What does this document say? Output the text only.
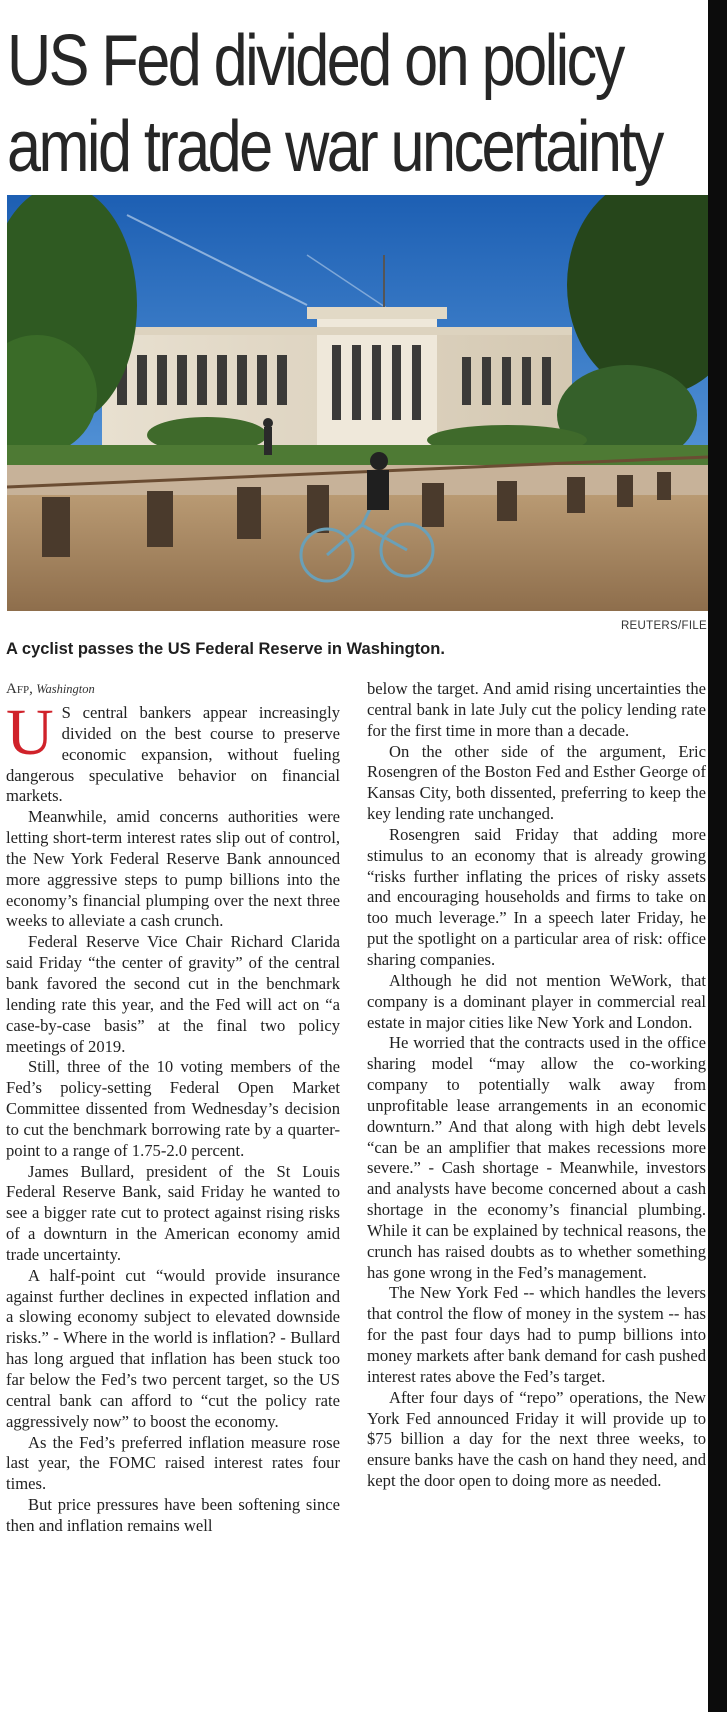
US Fed divided on policy amid trade war uncertainty
REUTERS/FILE
A cyclist passes the US Federal Reserve in Washington.
Afp, Washington

U S central bankers appear increasingly divided on the best course to preserve economic expansion, without fueling dangerous speculative behavior on financial markets.

Meanwhile, amid concerns authorities were letting short-term interest rates slip out of control, the New York Federal Reserve Bank announced more aggressive steps to pump billions into the economy’s financial plumping over the next three weeks to alleviate a cash crunch.

Federal Reserve Vice Chair Richard Clarida said Friday “the center of gravity” of the central bank favored the second cut in the benchmark lending rate this year, and the Fed will act on “a case-by-case basis” at the final two policy meetings of 2019.

Still, three of the 10 voting members of the Fed’s policy-setting Federal Open Market Committee dissented from Wednesday’s decision to cut the benchmark borrowing rate by a quarter-point to a range of 1.75-2.0 percent.

James Bullard, president of the St Louis Federal Reserve Bank, said Friday he wanted to see a bigger rate cut to protect against rising risks of a downturn in the American economy amid trade uncertainty.

A half-point cut “would provide insurance against further declines in expected inflation and a slowing economy subject to elevated downside risks.” - Where in the world is inflation? - Bullard has long argued that inflation has been stuck too far below the Fed’s two percent target, so the US central bank can afford to “cut the policy rate aggressively now” to boost the economy.

As the Fed’s preferred inflation measure rose last year, the FOMC raised interest rates four times.

But price pressures have been softening since then and inflation remains well

below the target. And amid rising uncertainties the central bank in late July cut the policy lending rate for the first time in more than a decade.

On the other side of the argument, Eric Rosengren of the Boston Fed and Esther George of Kansas City, both dissented, preferring to keep the key lending rate unchanged.

Rosengren said Friday that adding more stimulus to an economy that is already growing “risks further inflating the prices of risky assets and encouraging households and firms to take on too much leverage.” In a speech later Friday, he put the spotlight on a particular area of risk: office sharing companies.

Although he did not mention WeWork, that company is a dominant player in commercial real estate in major cities like New York and London.

He worried that the contracts used in the office sharing model “may allow the co-working company to potentially walk away from unprofitable lease arrangements in an economic downturn.” And that along with high debt levels “can be an amplifier that makes recessions more severe.” - Cash shortage - Meanwhile, investors and analysts have become concerned about a cash shortage in the economy’s financial plumbing. While it can be explained by technical reasons, the crunch has raised doubts as to whether something has gone wrong in the Fed’s management.

The New York Fed -- which handles the levers that control the flow of money in the system -- has for the past four days had to pump billions into money markets after bank demand for cash pushed interest rates above the Fed’s target.

After four days of “repo” operations, the New York Fed announced Friday it will provide up to $75 billion a day for the next three weeks, to ensure banks have the cash on hand they need, and kept the door open to doing more as needed.
